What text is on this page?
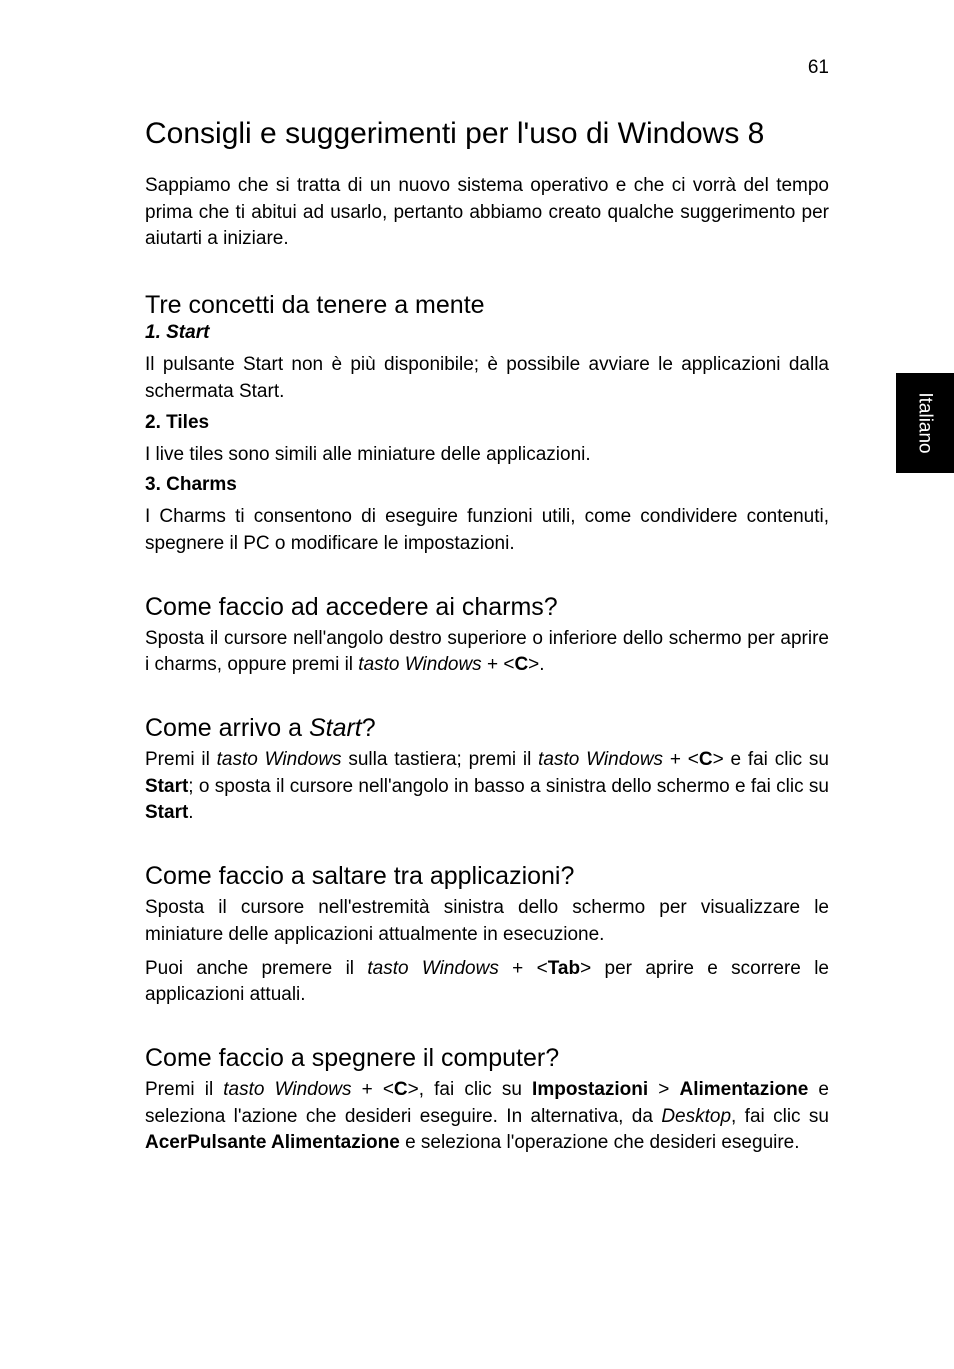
61
Italiano
Consigli e suggerimenti per l'uso di Windows 8

Sappiamo che si tratta di un nuovo sistema operativo e che ci vorrà del tempo prima che ti abitui ad usarlo, pertanto abbiamo creato qualche suggerimento per aiutarti a iniziare.

Tre concetti da tenere a mente
1. Start

Il pulsante Start non è più disponibile; è possibile avviare le applicazioni dalla schermata Start.

2. Tiles

I live tiles sono simili alle miniature delle applicazioni.

3. Charms

I Charms ti consentono di eseguire funzioni utili, come condividere contenuti, spegnere il PC o modificare le impostazioni.

Come faccio ad accedere ai charms?

Sposta il cursore nell'angolo destro superiore o inferiore dello schermo per aprire i charms, oppure premi il tasto Windows + <C>.

Come arrivo a Start?

Premi il tasto Windows sulla tastiera; premi il tasto Windows + <C> e fai clic su Start; o sposta il cursore nell'angolo in basso a sinistra dello schermo e fai clic su Start.

Come faccio a saltare tra applicazioni?

Sposta il cursore nell'estremità sinistra dello schermo per visualizzare le miniature delle applicazioni attualmente in esecuzione.

Puoi anche premere il tasto Windows + <Tab> per aprire e scorrere le applicazioni attuali.

Come faccio a spegnere il computer?

Premi il tasto Windows + <C>, fai clic su Impostazioni > Alimentazione e seleziona l'azione che desideri eseguire. In alternativa, da Desktop, fai clic su AcerPulsante Alimentazione e seleziona l'operazione che desideri eseguire.
